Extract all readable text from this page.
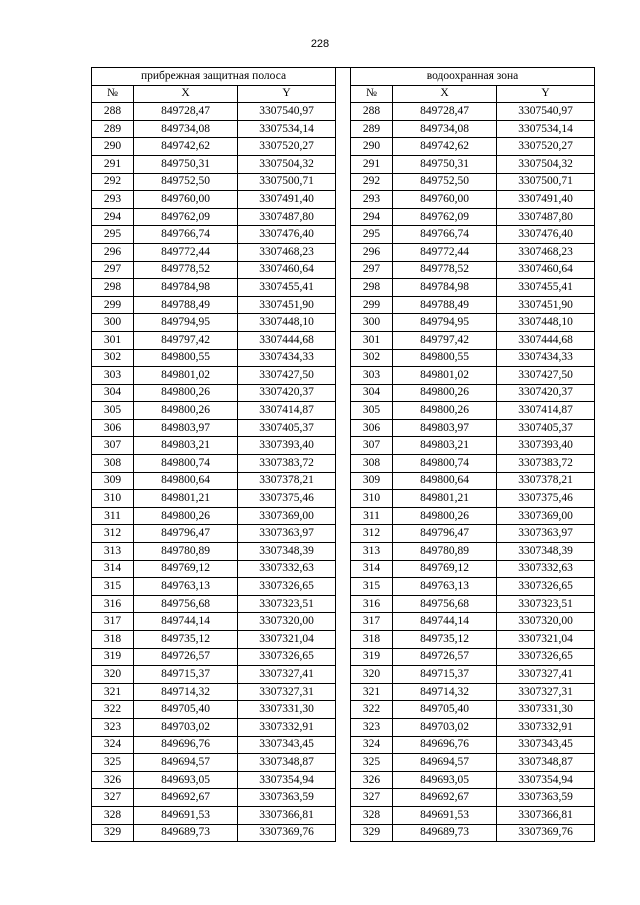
228
прибрежная защитная полоса				водоохранная зона		
№	X	Y		№	X	Y
288	849728,47	3307540,97		288	849728,47	3307540,97
289	849734,08	3307534,14		289	849734,08	3307534,14
290	849742,62	3307520,27		290	849742,62	3307520,27
291	849750,31	3307504,32		291	849750,31	3307504,32
292	849752,50	3307500,71		292	849752,50	3307500,71
293	849760,00	3307491,40		293	849760,00	3307491,40
294	849762,09	3307487,80		294	849762,09	3307487,80
295	849766,74	3307476,40		295	849766,74	3307476,40
296	849772,44	3307468,23		296	849772,44	3307468,23
297	849778,52	3307460,64		297	849778,52	3307460,64
298	849784,98	3307455,41		298	849784,98	3307455,41
299	849788,49	3307451,90		299	849788,49	3307451,90
300	849794,95	3307448,10		300	849794,95	3307448,10
301	849797,42	3307444,68		301	849797,42	3307444,68
302	849800,55	3307434,33		302	849800,55	3307434,33
303	849801,02	3307427,50		303	849801,02	3307427,50
304	849800,26	3307420,37		304	849800,26	3307420,37
305	849800,26	3307414,87		305	849800,26	3307414,87
306	849803,97	3307405,37		306	849803,97	3307405,37
307	849803,21	3307393,40		307	849803,21	3307393,40
308	849800,74	3307383,72		308	849800,74	3307383,72
309	849800,64	3307378,21		309	849800,64	3307378,21
310	849801,21	3307375,46		310	849801,21	3307375,46
311	849800,26	3307369,00		311	849800,26	3307369,00
312	849796,47	3307363,97		312	849796,47	3307363,97
313	849780,89	3307348,39		313	849780,89	3307348,39
314	849769,12	3307332,63		314	849769,12	3307332,63
315	849763,13	3307326,65		315	849763,13	3307326,65
316	849756,68	3307323,51		316	849756,68	3307323,51
317	849744,14	3307320,00		317	849744,14	3307320,00
318	849735,12	3307321,04		318	849735,12	3307321,04
319	849726,57	3307326,65		319	849726,57	3307326,65
320	849715,37	3307327,41		320	849715,37	3307327,41
321	849714,32	3307327,31		321	849714,32	3307327,31
322	849705,40	3307331,30		322	849705,40	3307331,30
323	849703,02	3307332,91		323	849703,02	3307332,91
324	849696,76	3307343,45		324	849696,76	3307343,45
325	849694,57	3307348,87		325	849694,57	3307348,87
326	849693,05	3307354,94		326	849693,05	3307354,94
327	849692,67	3307363,59		327	849692,67	3307363,59
328	849691,53	3307366,81		328	849691,53	3307366,81
329	849689,73	3307369,76		329	849689,73	3307369,76
